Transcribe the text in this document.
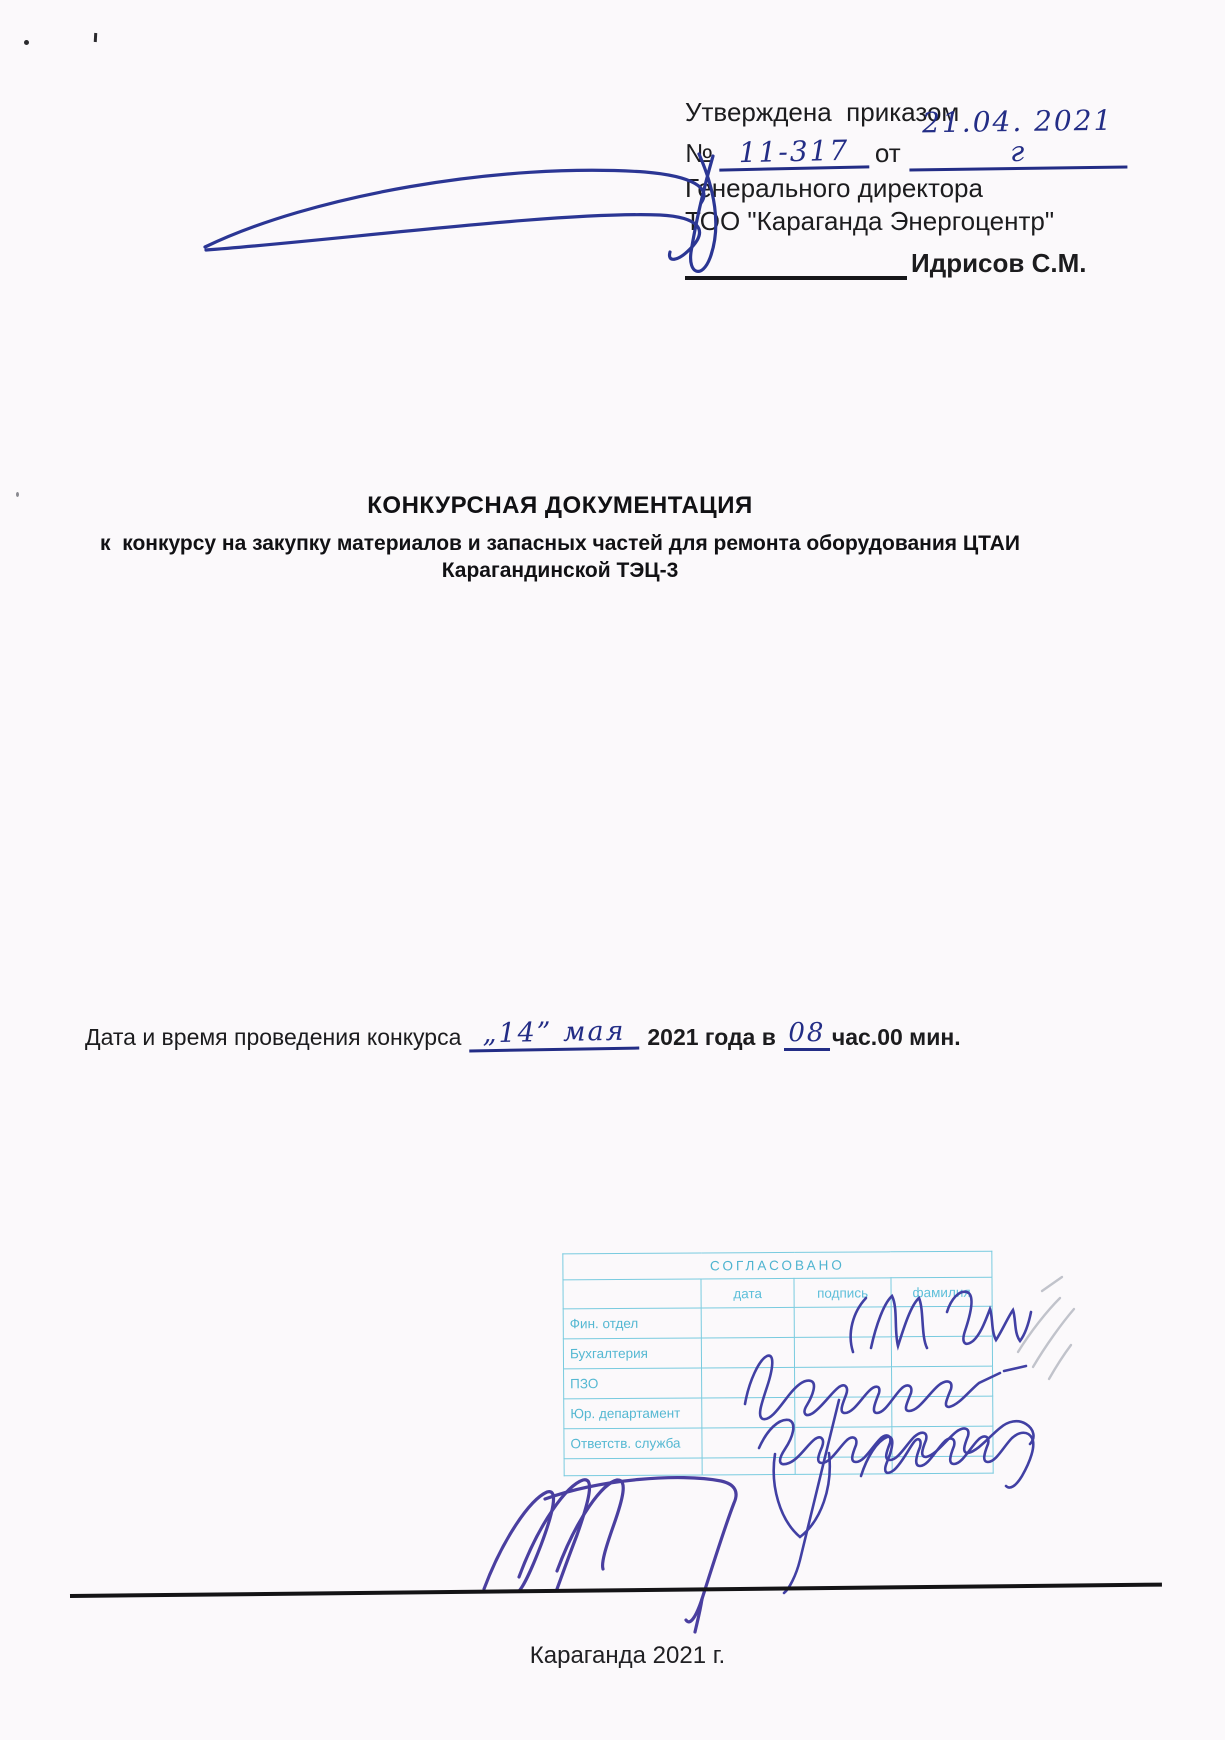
Утверждена  приказом
№ 11-317 от
21.04. 2021 г
Генерального директора
ТОО "Караганда Энергоцентр"
Идрисов С.М.
КОНКУРСНАЯ ДОКУМЕНТАЦИЯ
к  конкурсу на закупку материалов и запасных частей для ремонта оборудования ЦТАИ
Карагандинской ТЭЦ-3
Дата и время проведения конкурса „14” мая 2021 года в 08 час.00 мин.
СОГЛАСОВАНО			
	дата	подпись	фамилия
Фин. отдел			
Бухгалтерия			
ПЗО			
Юр. департамент			
Ответств. служба			

Караганда 2021 г.
